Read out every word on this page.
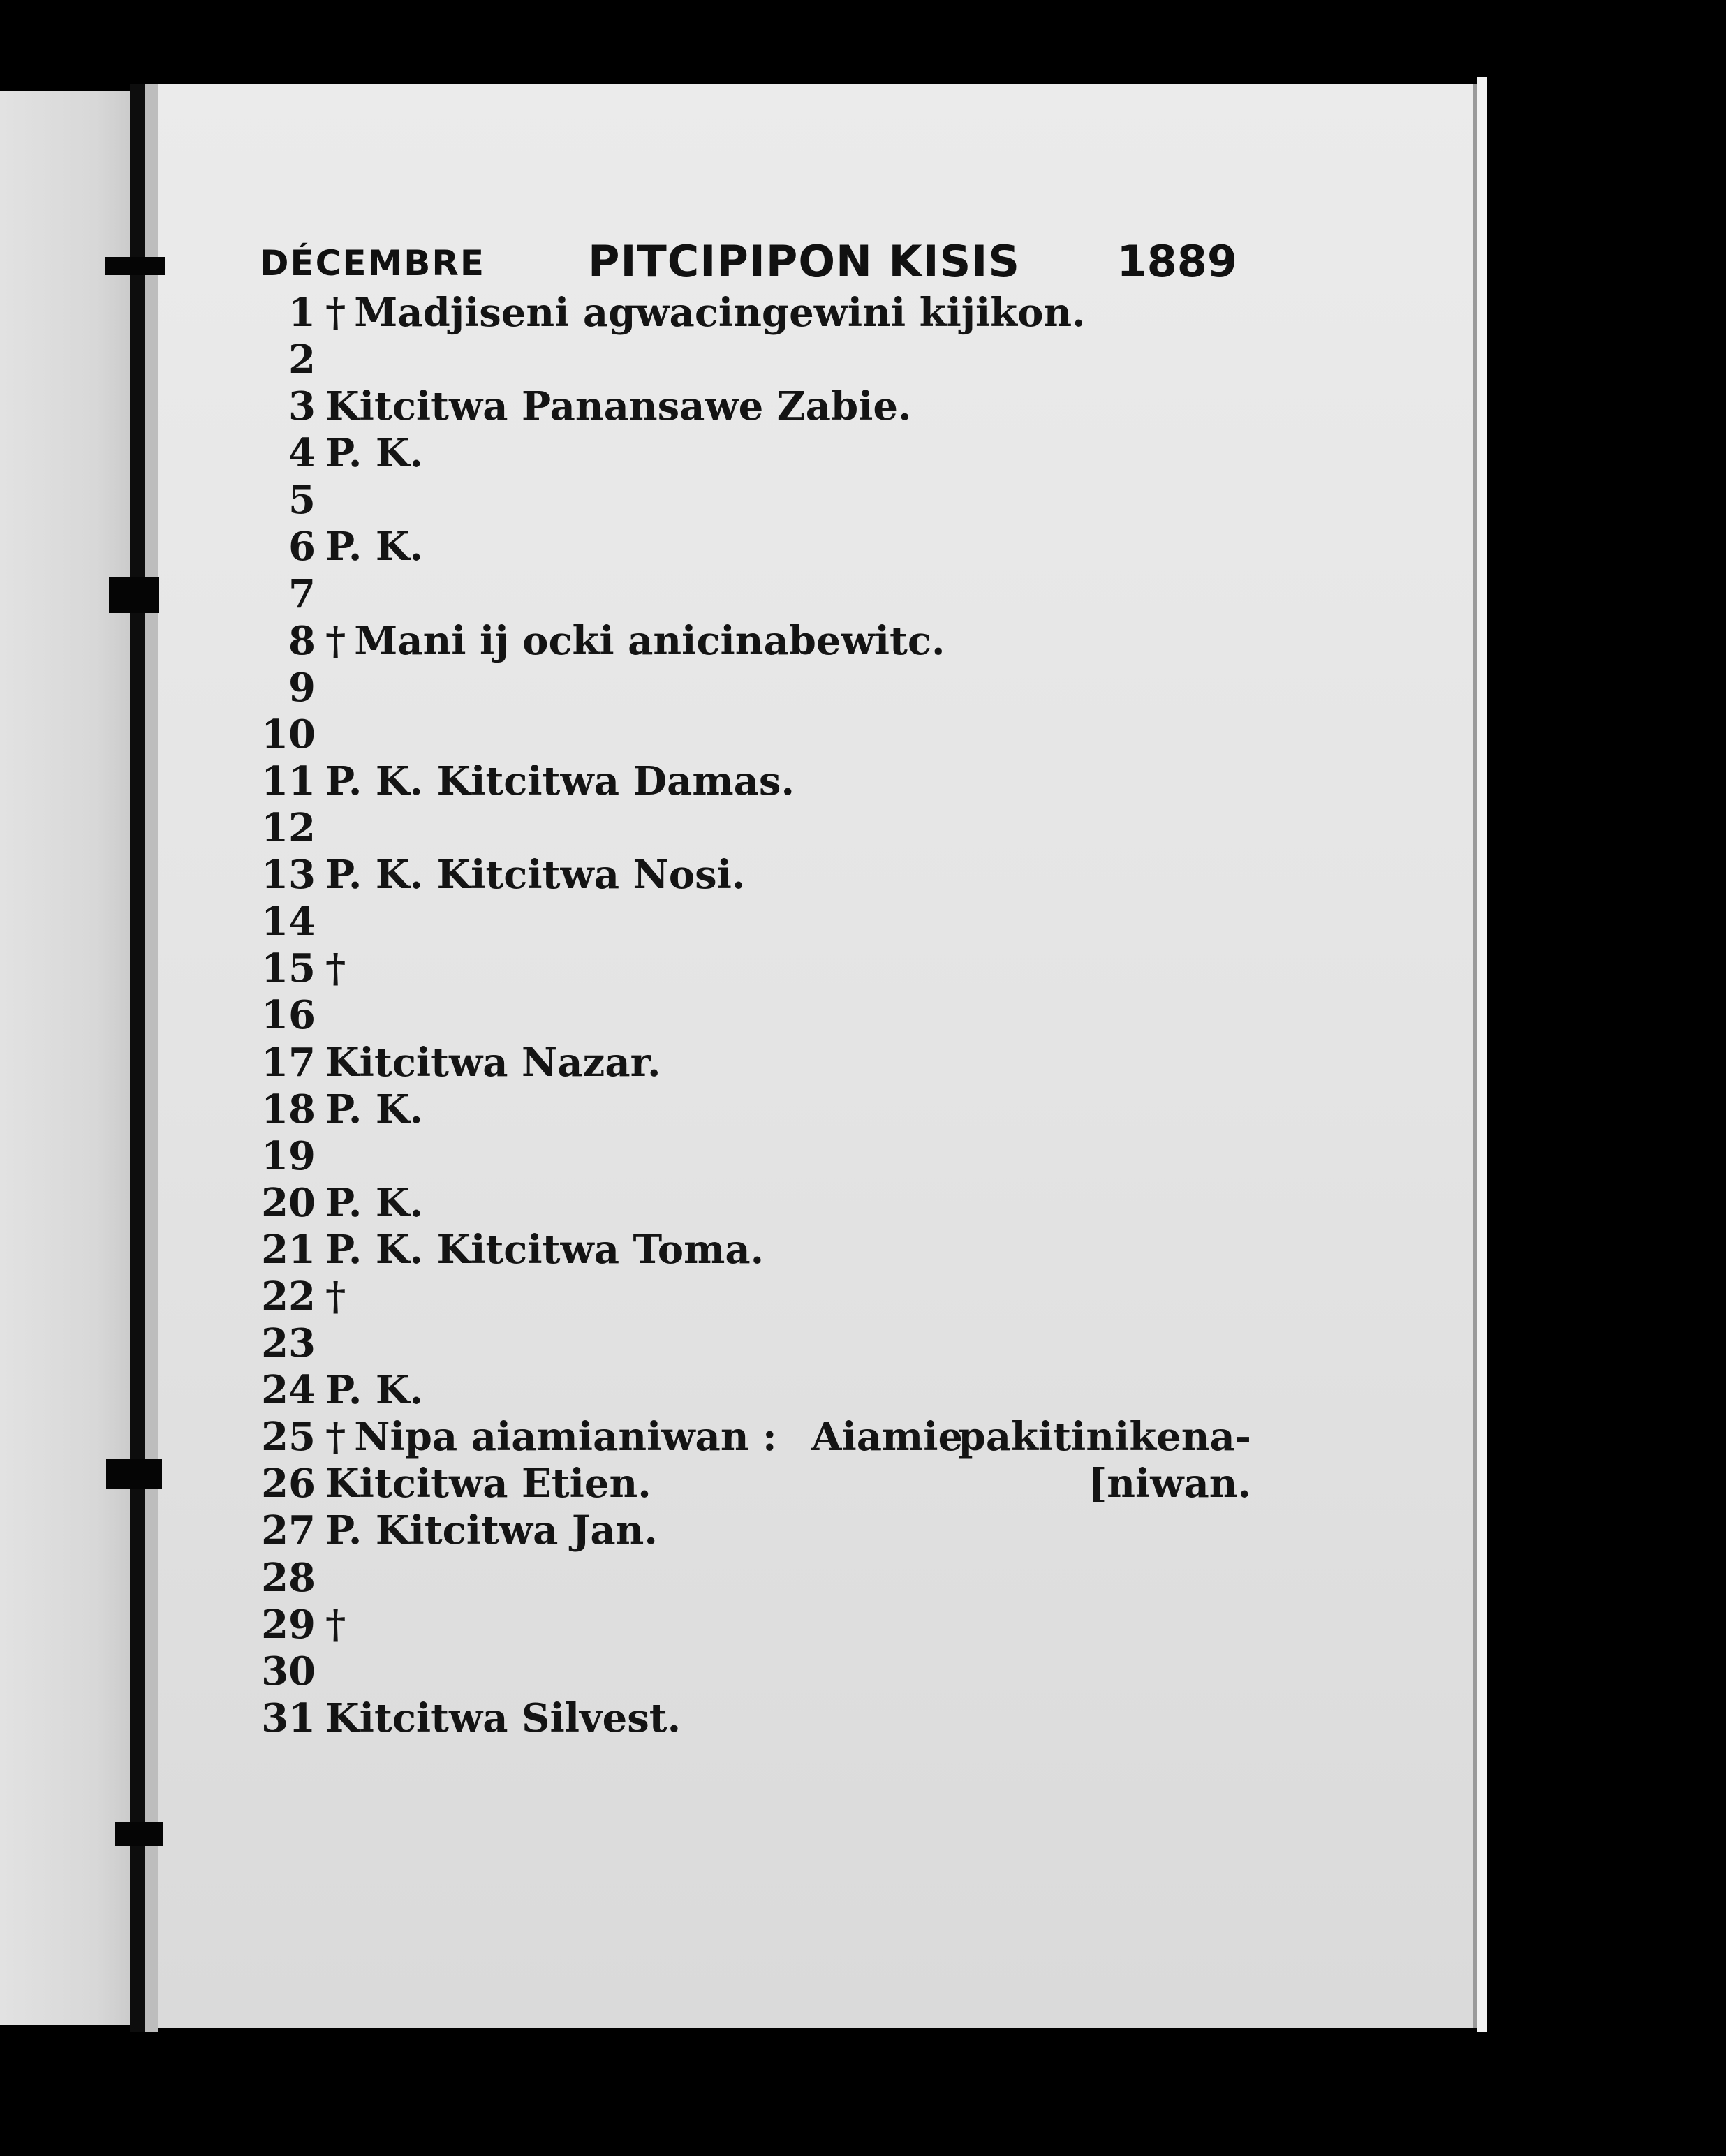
DÉCEMBRE PITCIPIPON KISIS 1889
1 † Madjiseni agwacingewini kijikon.
2
3 Kitcitwa Panansawe Zabie.
4 P. K.
5
6 P. K.
7
8 † Mani ij ocki anicinabewitc.
9
10
11 P. K. Kitcitwa Damas.
12
13 P. K. Kitcitwa Nosi.
14
15 †
16
17 Kitcitwa Nazar.
18 P. K.
19
20 P. K.
21 P. K. Kitcitwa Toma.
22 †
23
24 P. K.
25 † Nipa aiamianiwan : Aiamie
pakitinikena-
26 Kitcitwa Etien.	[niwan.
27 P. Kitcitwa Jan.
28
29 †
30
31 Kitcitwa Silvest.
